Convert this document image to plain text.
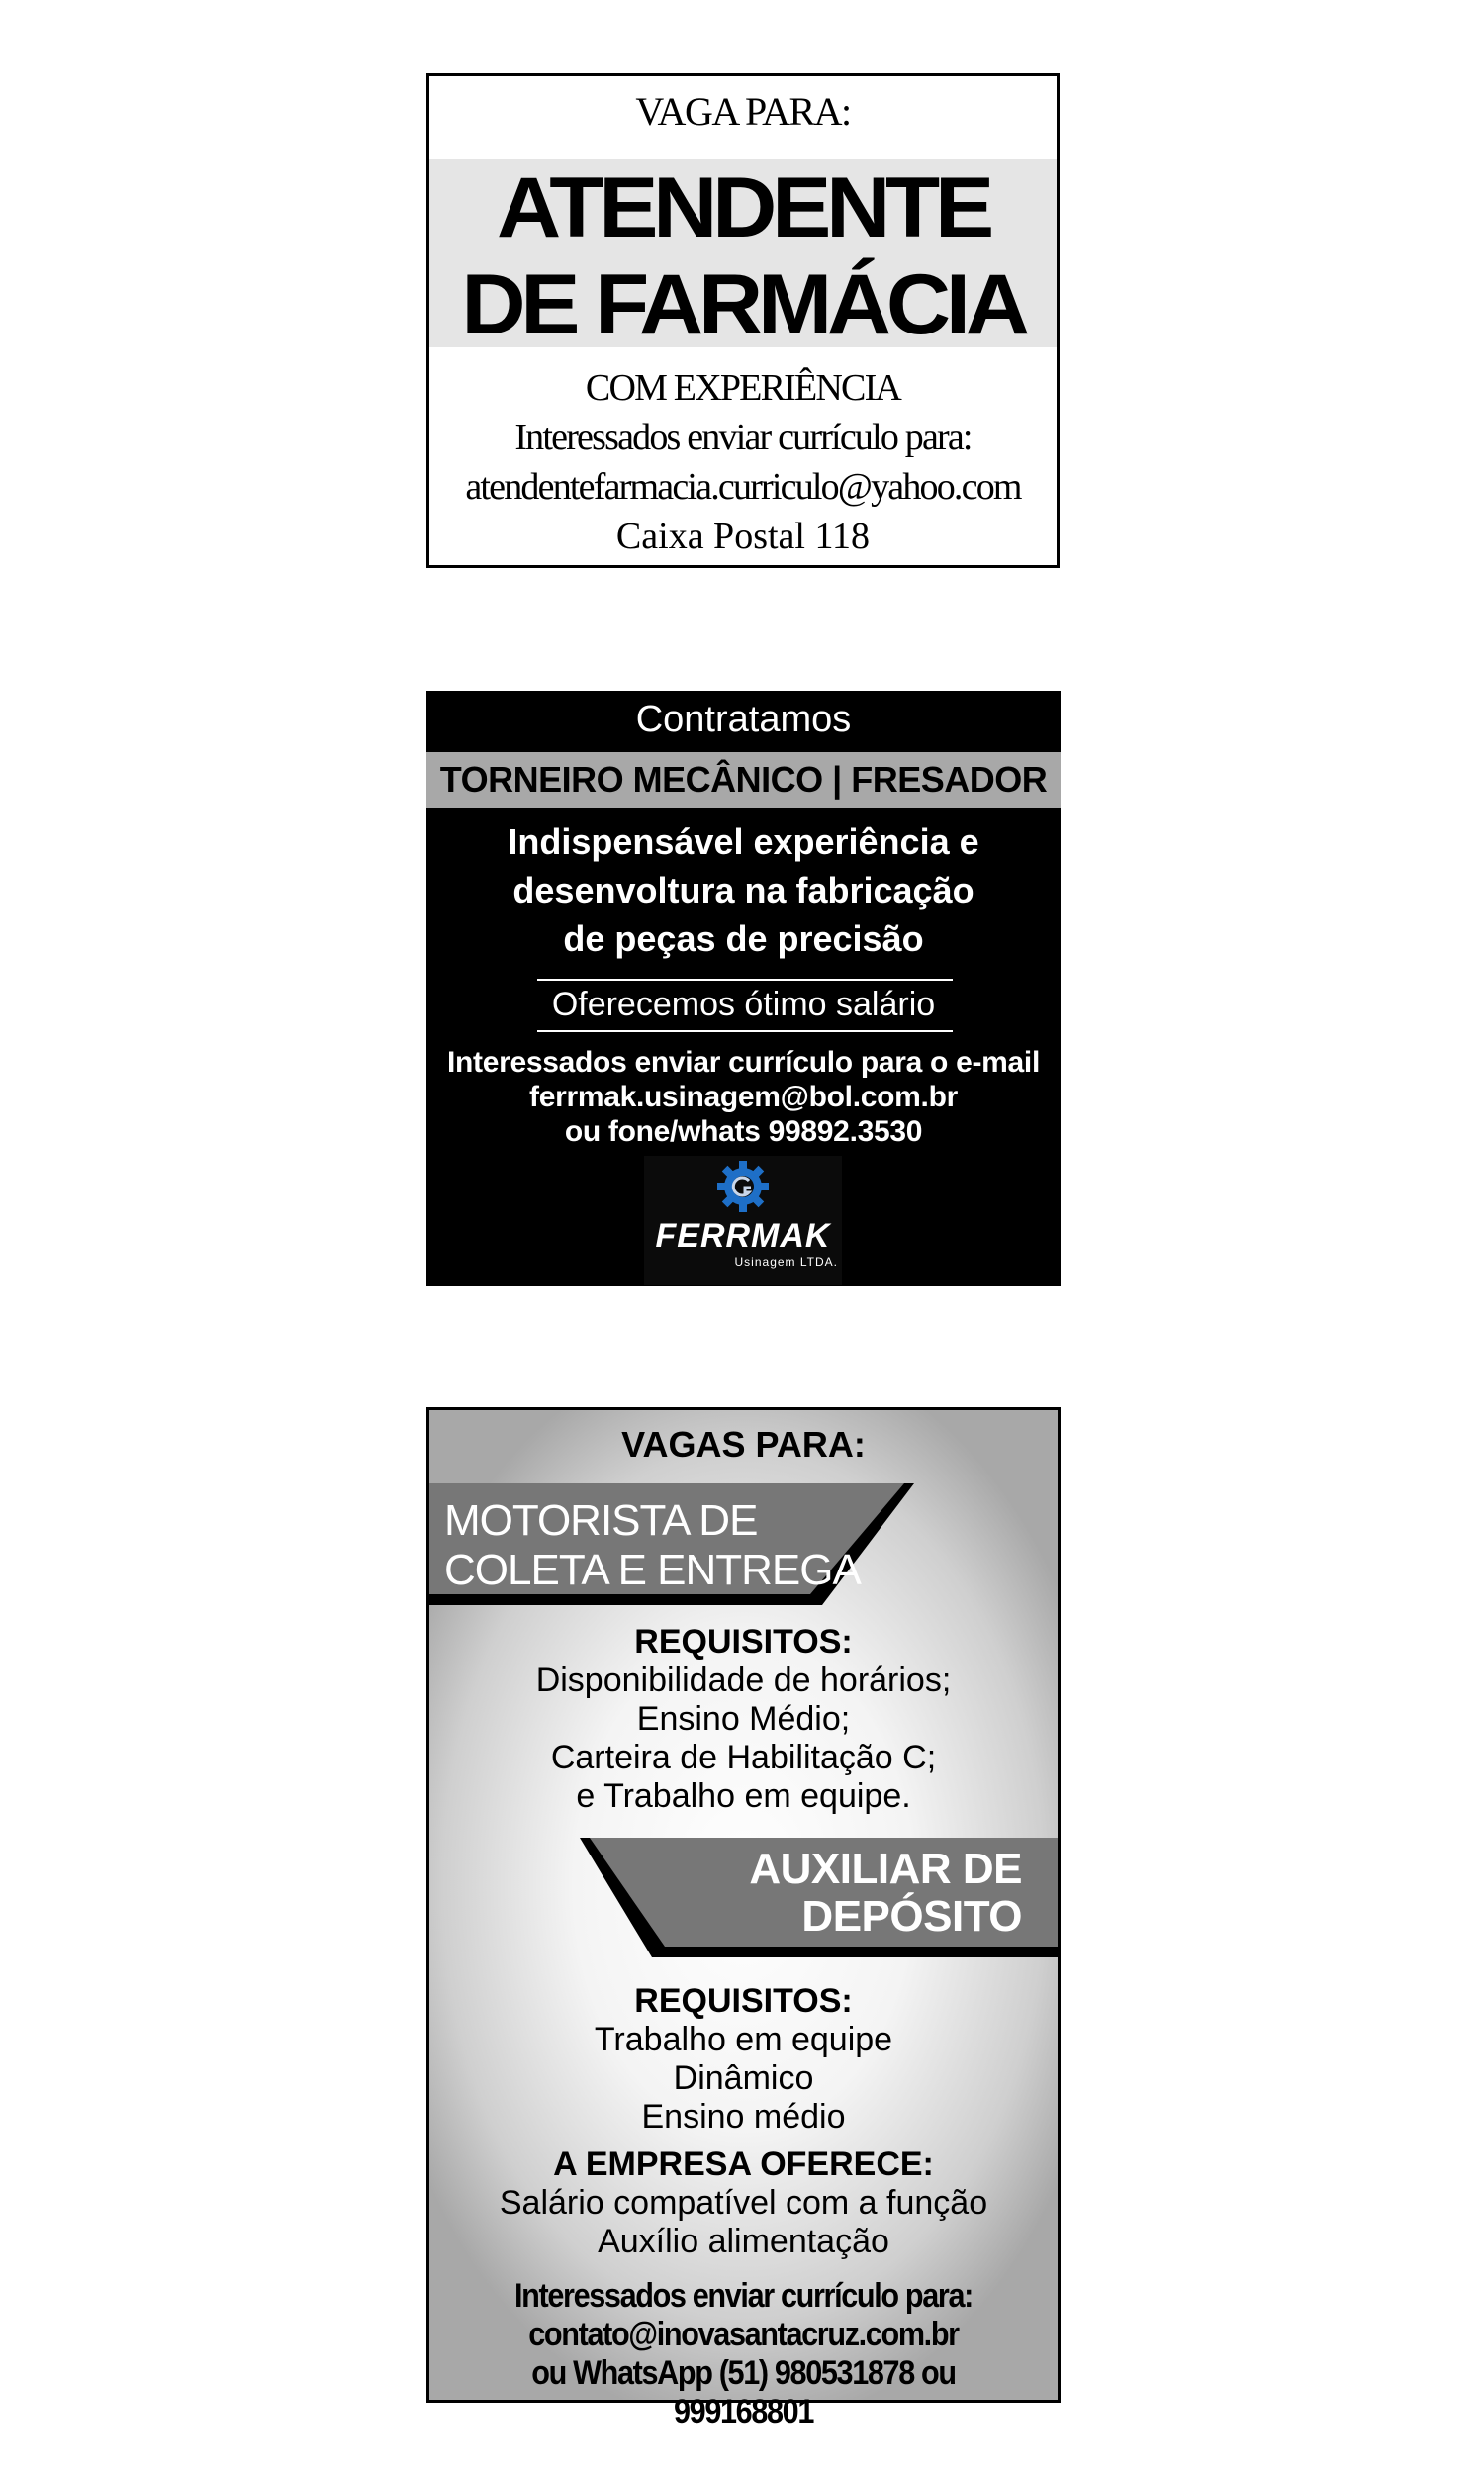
VAGA PARA:
ATENDENTE
DE FARMÁCIA
COM EXPERIÊNCIA
Interessados enviar currículo para:
atendentefarmacia.curriculo@yahoo.com
Caixa Postal 118
Contratamos
TORNEIRO MECÂNICO | FRESADOR
Indispensável experiência e
desenvoltura na fabricação
de peças de precisão
Oferecemos ótimo salário
Interessados enviar currículo para o e-mail
ferrmak.usinagem@bol.com.br
ou fone/whats 99892.3530
FERRMAK
Usinagem LTDA.
VAGAS PARA:
MOTORISTA DE
COLETA E ENTREGA
REQUISITOS:
Disponibilidade de horários;
Ensino Médio;
Carteira de Habilitação C;
e Trabalho em equipe.
AUXILIAR DE
DEPÓSITO
REQUISITOS:
Trabalho em equipe
Dinâmico
Ensino médio
A EMPRESA OFERECE:
Salário compatível com a função
Auxílio alimentação
Interessados enviar currículo para:
contato@inovasantacruz.com.br
ou WhatsApp (51) 980531878 ou 999168801
